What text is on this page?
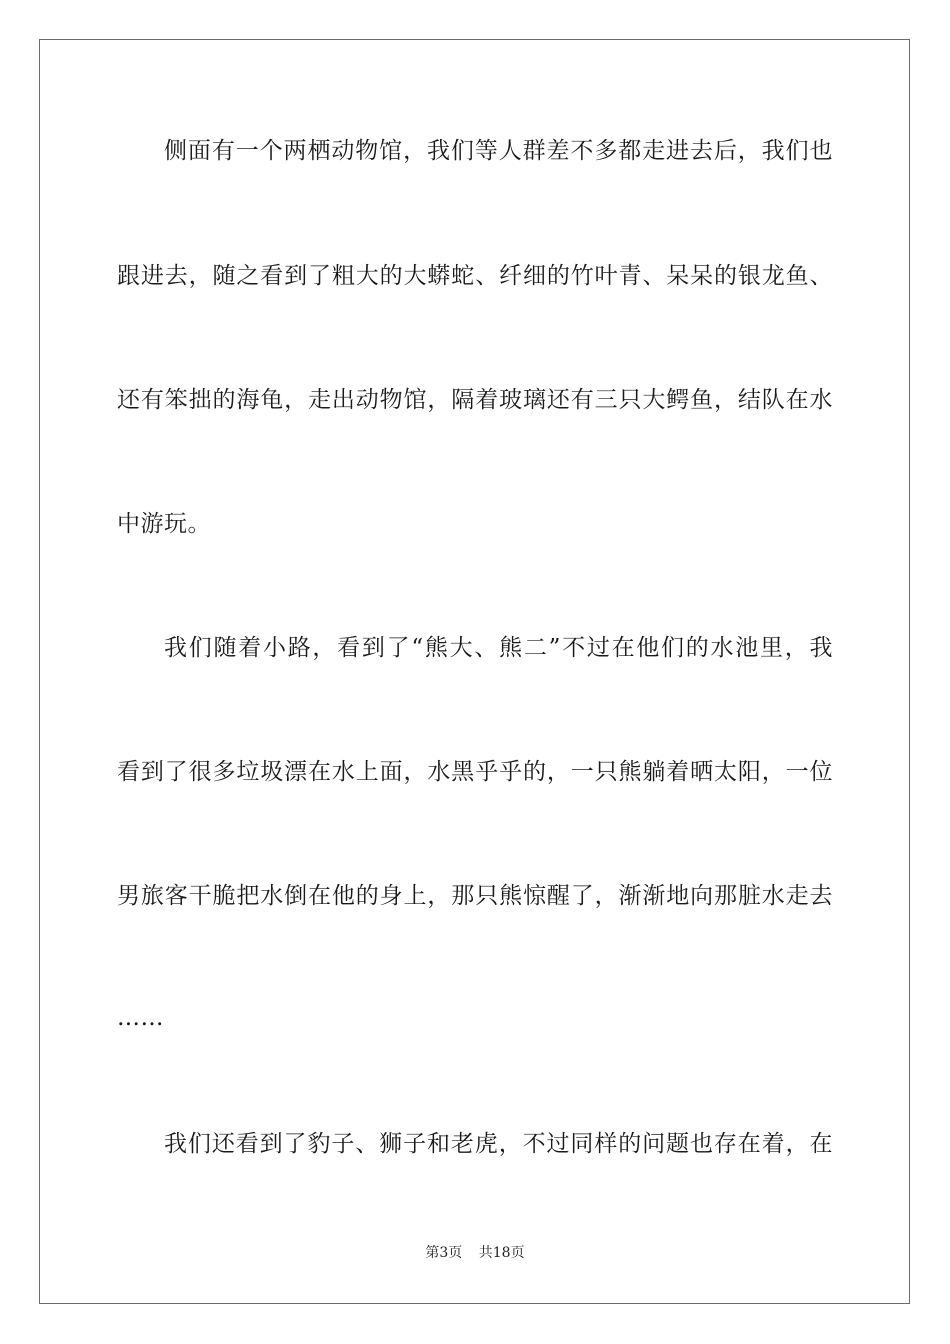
侧面有一个两栖动物馆，我们等人群差不多都走进去后，我们也
跟进去，随之看到了粗大的大蟒蛇、纤细的竹叶青、呆呆的银龙鱼、
还有笨拙的海龟，走出动物馆，隔着玻璃还有三只大鳄鱼，结队在水
中游玩。
我们随着小路，看到了“熊大、熊二”不过在他们的水池里，我
看到了很多垃圾漂在水上面，水黑乎乎的，一只熊躺着晒太阳，一位
男旅客干脆把水倒在他的身上，那只熊惊醒了，渐渐地向那脏水走去
……
我们还看到了豹子、狮子和老虎，不过同样的问题也存在着，在
第3页 共18页
